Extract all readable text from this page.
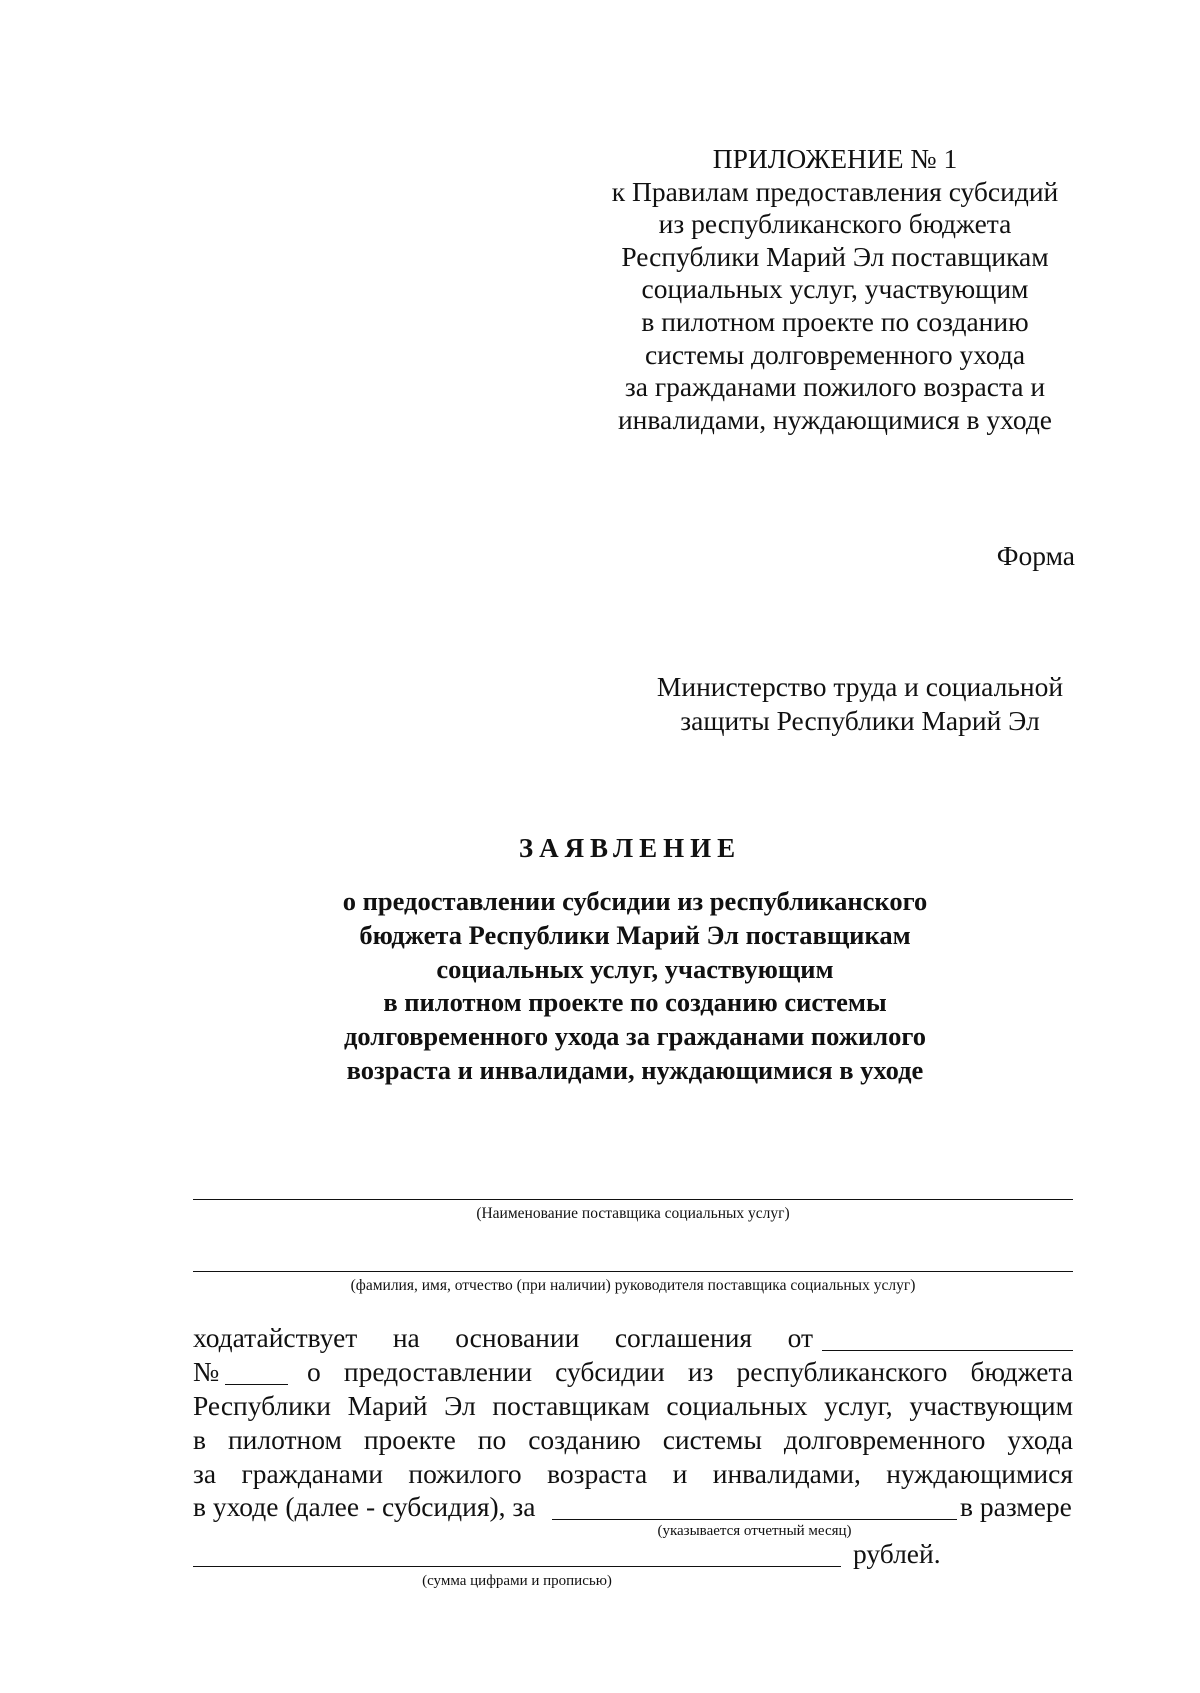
ПРИЛОЖЕНИЕ № 1
к Правилам предоставления субсидий
из республиканского бюджета
Республики Марий Эл поставщикам
социальных услуг, участвующим
в пилотном проекте по созданию
системы долговременного ухода
за гражданами пожилого возраста и
инвалидами, нуждающимися в уходе
Форма
Министерство труда и социальной
защиты Республики Марий Эл
ЗАЯВЛЕНИЕ
о предоставлении субсидии из республиканского
бюджета Республики Марий Эл поставщикам
социальных услуг, участвующим
в пилотном проекте по созданию системы
долговременного ухода за гражданами пожилого
возраста и инвалидами, нуждающимися в уходе
(Наименование поставщика социальных услуг)
(фамилия, имя, отчество (при наличии) руководителя поставщика социальных услуг)
ходатайствует на основании соглашения от
№	о предоставлении субсидии из республиканского бюджета
Республики Марий Эл поставщикам социальных услуг, участвующим
в пилотном проекте по созданию системы долговременного ухода
за гражданами пожилого возраста и инвалидами, нуждающимися
в уходе (далее - субсидия), за	в размере
(указывается отчетный месяц)
рублей.
(сумма цифрами и прописью)
